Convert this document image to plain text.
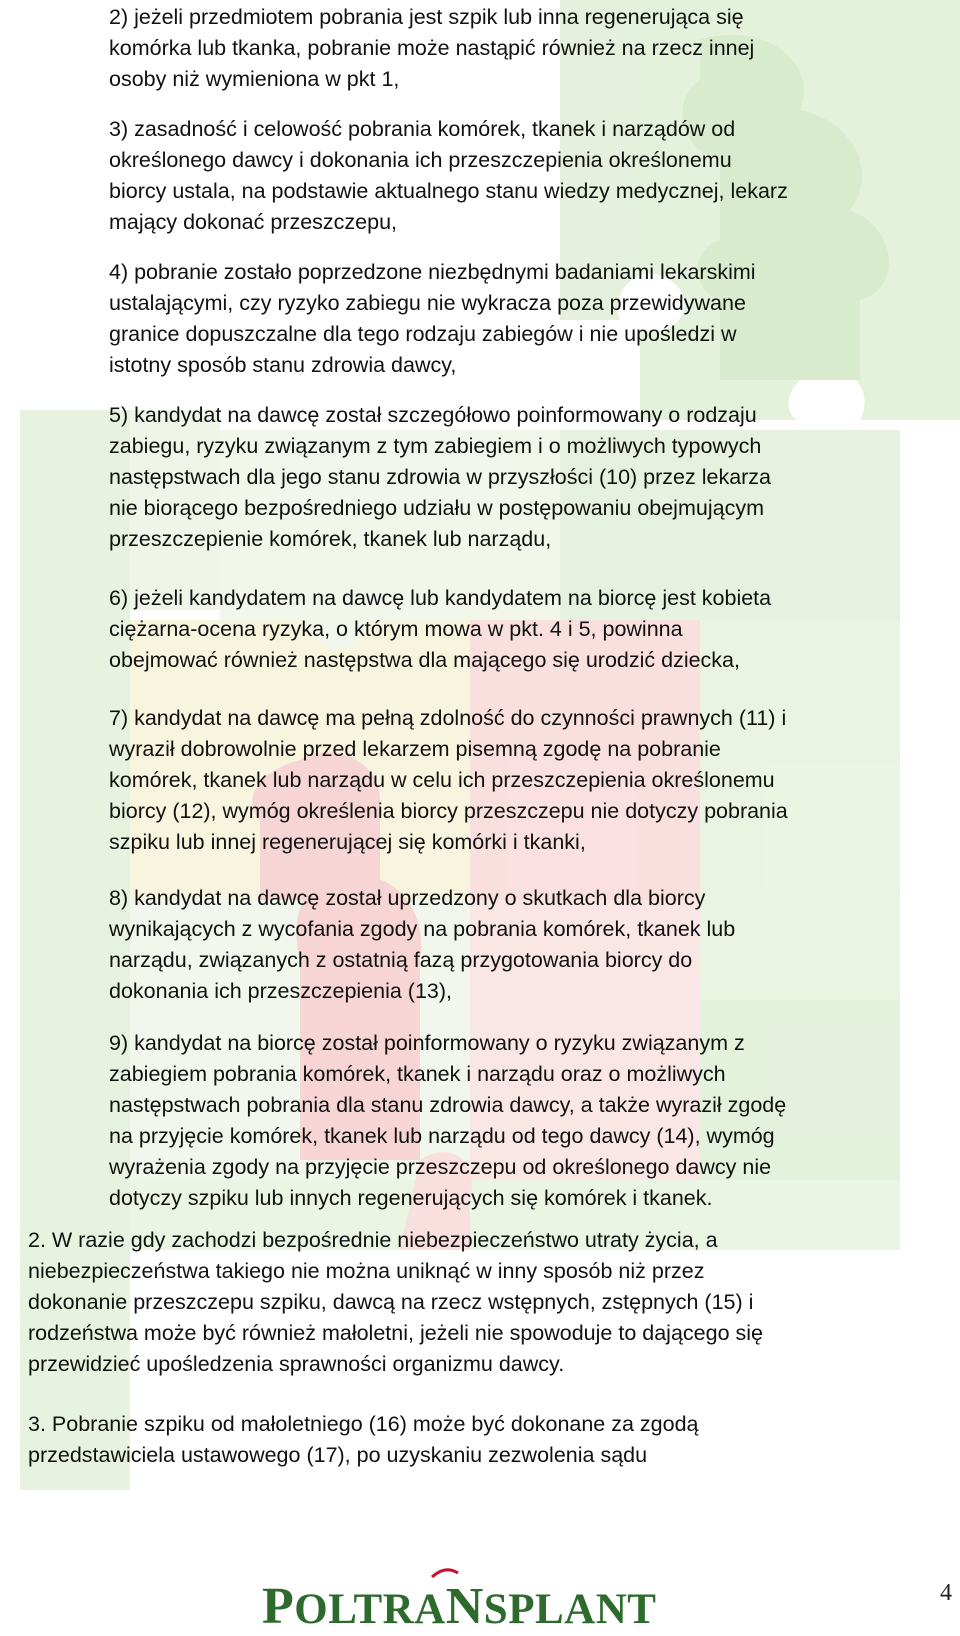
2) jeżeli przedmiotem pobrania jest szpik lub inna regenerująca się
komórka lub tkanka, pobranie może nastąpić również na rzecz innej
osoby niż wymieniona w pkt 1,

3) zasadność i celowość pobrania komórek, tkanek i narządów od
określonego dawcy i dokonania ich przeszczepienia określonemu
biorcy ustala, na podstawie aktualnego stanu wiedzy medycznej, lekarz
mający dokonać przeszczepu,

4) pobranie zostało poprzedzone niezbędnymi badaniami lekarskimi
ustalającymi, czy ryzyko zabiegu nie wykracza poza przewidywane
granice dopuszczalne dla tego rodzaju zabiegów i nie upośledzi w
istotny sposób stanu zdrowia dawcy,

5) kandydat na dawcę został szczegółowo poinformowany o rodzaju
zabiegu, ryzyku związanym z tym zabiegiem i o możliwych typowych
następstwach dla jego stanu zdrowia w przyszłości (10) przez lekarza
nie biorącego bezpośredniego udziału w postępowaniu obejmującym
przeszczepienie komórek, tkanek lub narządu,

6) jeżeli kandydatem na dawcę lub kandydatem na biorcę jest kobieta
ciężarna-ocena ryzyka, o którym mowa w pkt. 4 i 5, powinna
obejmować również następstwa dla mającego się urodzić dziecka,

7) kandydat na dawcę ma pełną zdolność do czynności prawnych (11) i
wyraził dobrowolnie przed lekarzem pisemną zgodę na pobranie
komórek, tkanek lub narządu w celu ich przeszczepienia określonemu
biorcy (12), wymóg określenia biorcy przeszczepu nie dotyczy pobrania
szpiku lub innej regenerującej się komórki i tkanki,

8) kandydat na dawcę został uprzedzony o skutkach dla biorcy
wynikających z wycofania zgody na pobrania komórek, tkanek lub
narządu, związanych z ostatnią fazą przygotowania biorcy do
dokonania ich przeszczepienia (13),

9) kandydat na biorcę został poinformowany o ryzyku związanym z
zabiegiem pobrania komórek, tkanek i narządu oraz o możliwych
następstwach pobrania dla stanu zdrowia dawcy, a także wyraził zgodę
na przyjęcie komórek, tkanek lub narządu od tego dawcy (14), wymóg
wyrażenia zgody na przyjęcie przeszczepu od określonego dawcy nie
dotyczy szpiku lub innych regenerujących się komórek i tkanek.

2. W razie gdy zachodzi bezpośrednie niebezpieczeństwo utraty życia, a
niebezpieczeństwa takiego nie można uniknąć w inny sposób niż przez
dokonanie przeszczepu szpiku, dawcą na rzecz wstępnych, zstępnych (15) i
rodzeństwa może być również małoletni, jeżeli nie spowoduje to dającego się
przewidzieć upośledzenia sprawności organizmu dawcy.

3. Pobranie szpiku od małoletniego (16) może być dokonane za zgodą
przedstawiciela ustawowego (17), po uzyskaniu zezwolenia sądu

POLTRANSPLANT	4
